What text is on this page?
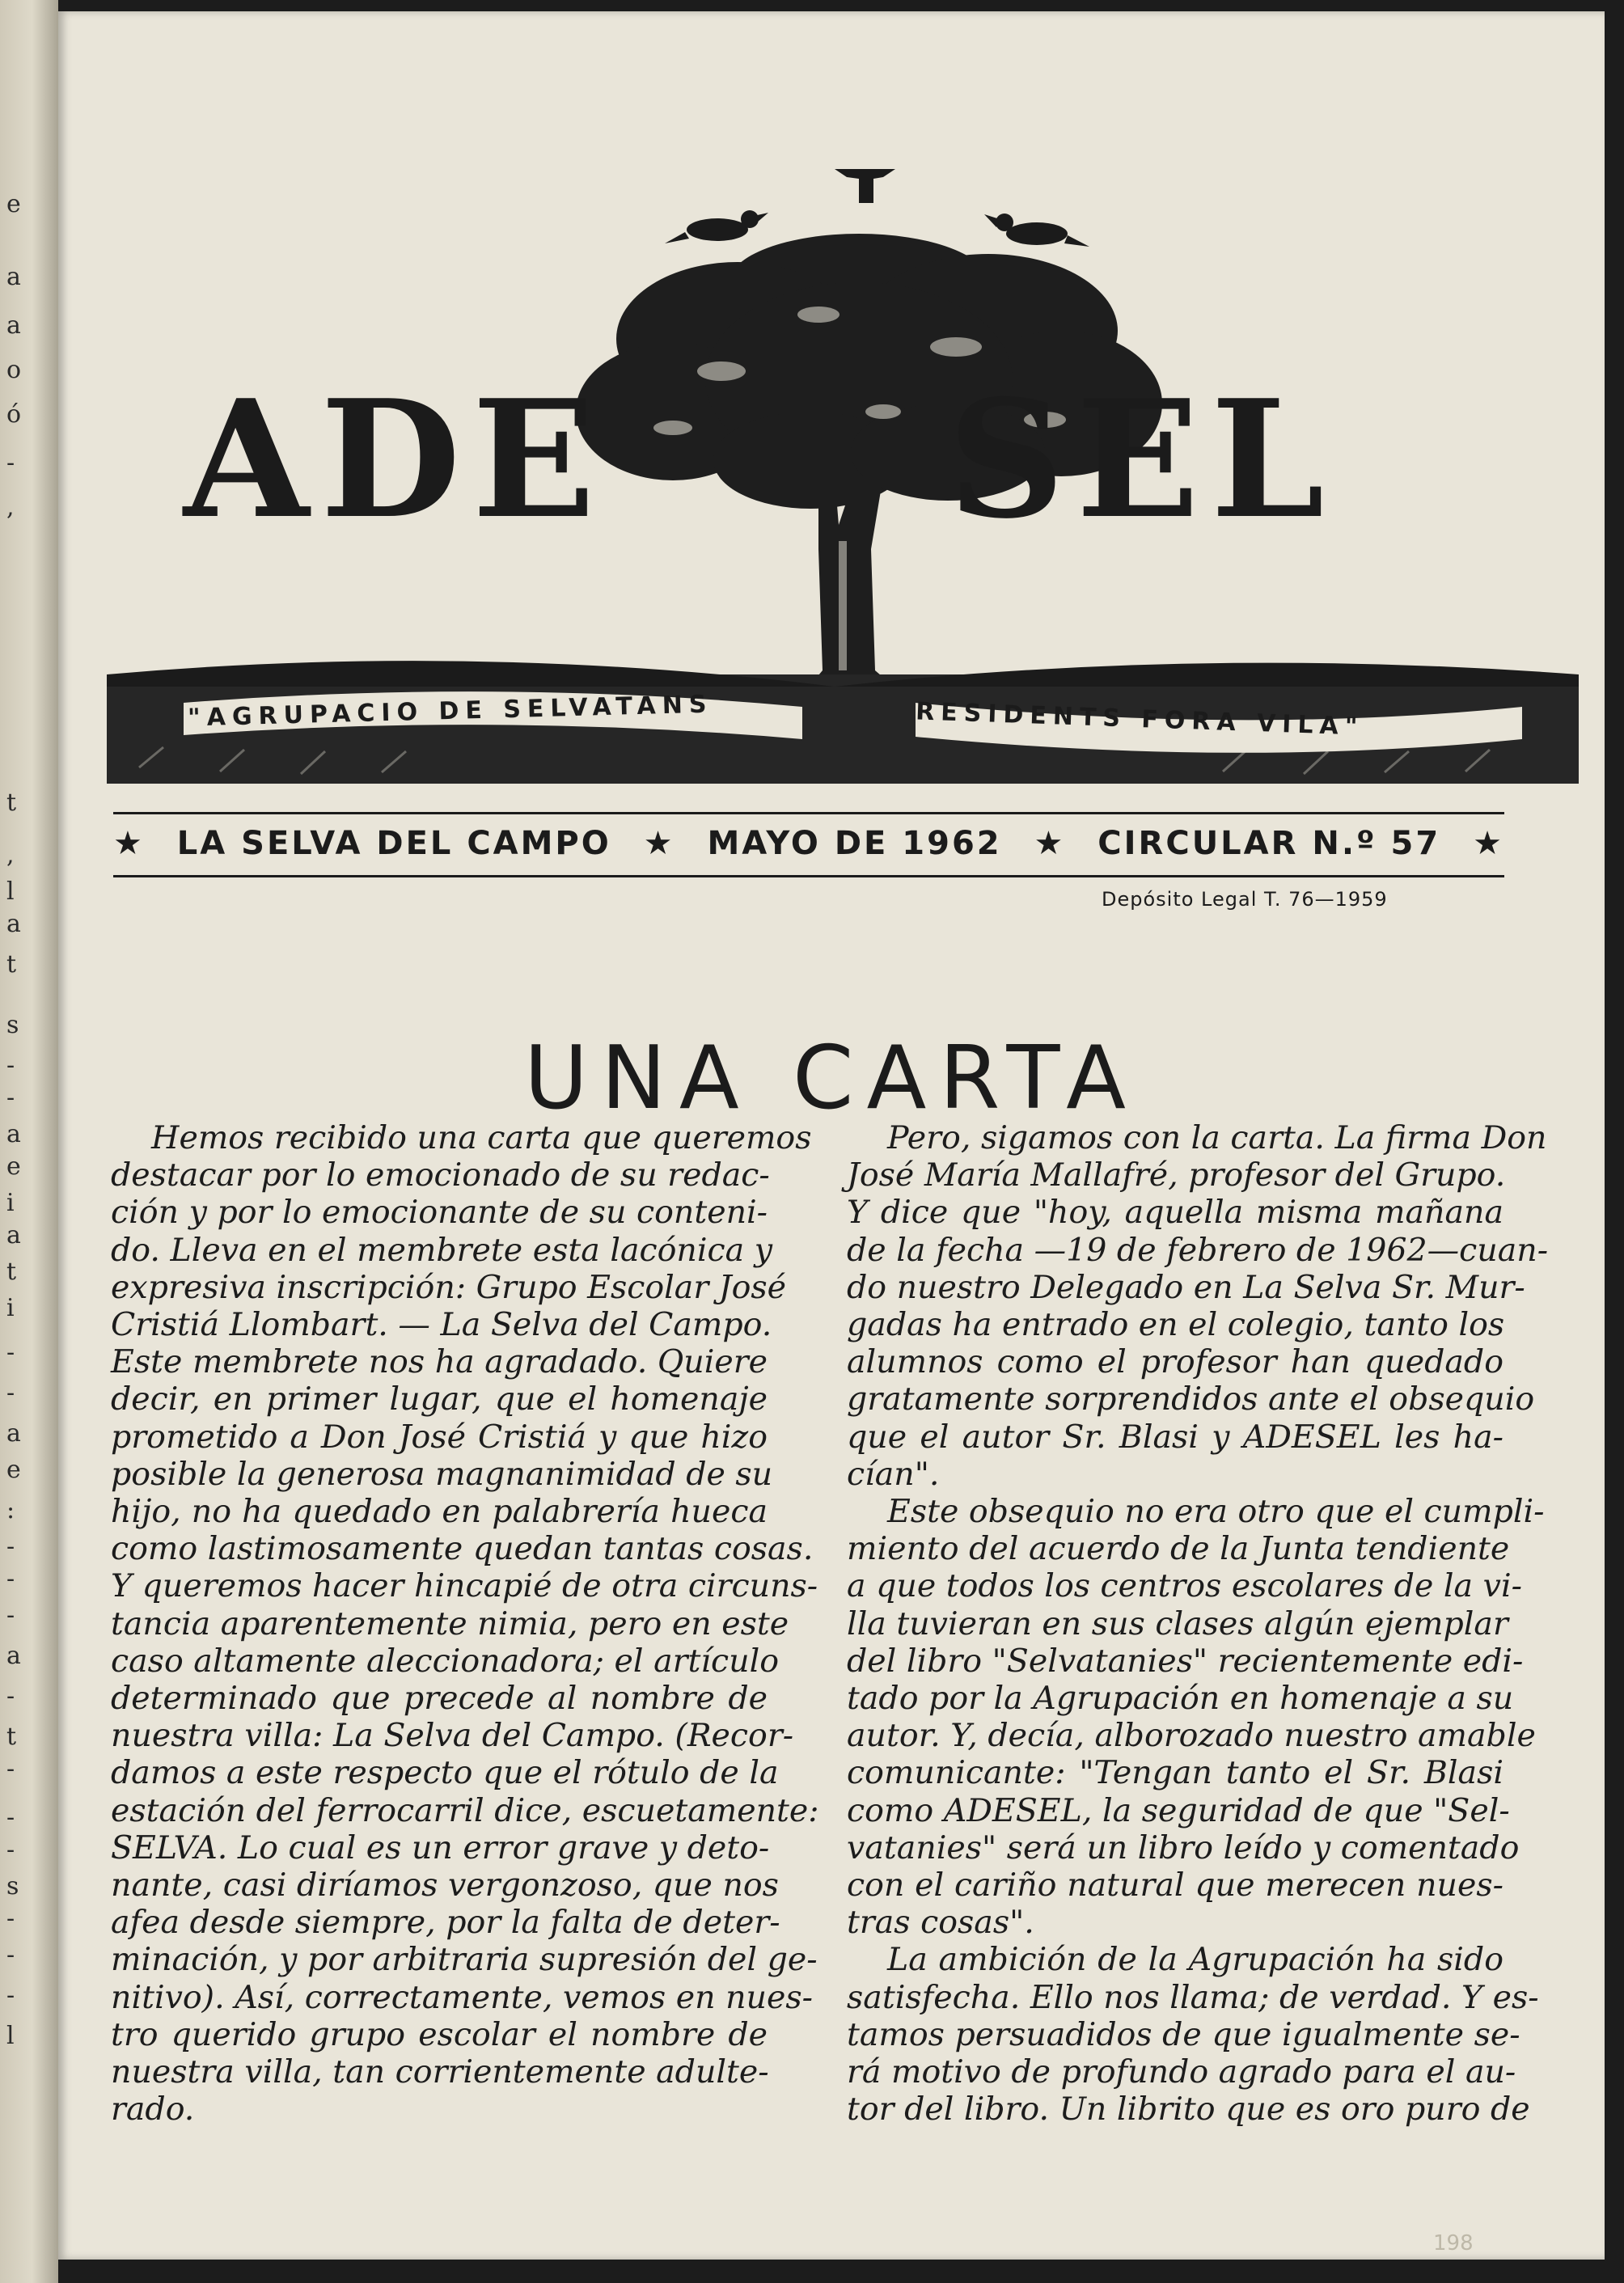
e
a
a
o
ó
-
,
t
,
l
a
t
s
-
-
a
e
i
a
t
i
-
-
a
e
:
-
-
-
a
-
t
-
-
-
s
-
-
-
l
ADE SEL
"AGRUPACIO DE SELVATANS	RESIDENTS FORA VILA"
★ LA SELVA DEL CAMPO ★ MAYO DE 1962 ★ CIRCULAR N.º 57 ★
Depósito Legal T. 76—1959
UNA CARTA

Hemos recibido una carta que queremos
destacar por lo emocionado de su redac-
ción y por lo emocionante de su conteni-
do. Lleva en el membrete esta lacónica y
expresiva inscripción: Grupo Escolar José
Cristiá Llombart. — La Selva del Campo.
Este membrete nos ha agradado. Quiere
decir, en primer lugar, que el homenaje
prometido a Don José Cristiá y que hizo
posible la generosa magnanimidad de su
hijo, no ha quedado en palabrería hueca
como lastimosamente quedan tantas cosas.
Y queremos hacer hincapié de otra circuns-
tancia aparentemente nimia, pero en este
caso altamente aleccionadora; el artículo
determinado que precede al nombre de
nuestra villa: La Selva del Campo. (Recor-
damos a este respecto que el rótulo de la
estación del ferrocarril dice, escuetamente:
SELVA. Lo cual es un error grave y deto-
nante, casi diríamos vergonzoso, que nos
afea desde siempre, por la falta de deter-
minación, y por arbitraria supresión del ge-
nitivo). Así, correctamente, vemos en nues-
tro querido grupo escolar el nombre de
nuestra villa, tan corrientemente adulte-
rado.

Pero, sigamos con la carta. La firma Don
José María Mallafré, profesor del Grupo.
Y dice que "hoy, aquella misma mañana
de la fecha —19 de febrero de 1962—cuan-
do nuestro Delegado en La Selva Sr. Mur-
gadas ha entrado en el colegio, tanto los
alumnos como el profesor han quedado
gratamente sorprendidos ante el obsequio
que el autor Sr. Blasi y ADESEL les ha-
cían".

Este obsequio no era otro que el cumpli-
miento del acuerdo de la Junta tendiente
a que todos los centros escolares de la vi-
lla tuvieran en sus clases algún ejemplar
del libro "Selvatanies" recientemente edi-
tado por la Agrupación en homenaje a su
autor. Y, decía, alborozado nuestro amable
comunicante: "Tengan tanto el Sr. Blasi
como ADESEL, la seguridad de que "Sel-
vatanies" será un libro leído y comentado
con el cariño natural que merecen nues-
tras cosas".

La ambición de la Agrupación ha sido
satisfecha. Ello nos llama; de verdad. Y es-
tamos persuadidos de que igualmente se-
rá motivo de profundo agrado para el au-
tor del libro. Un librito que es oro puro de

198
